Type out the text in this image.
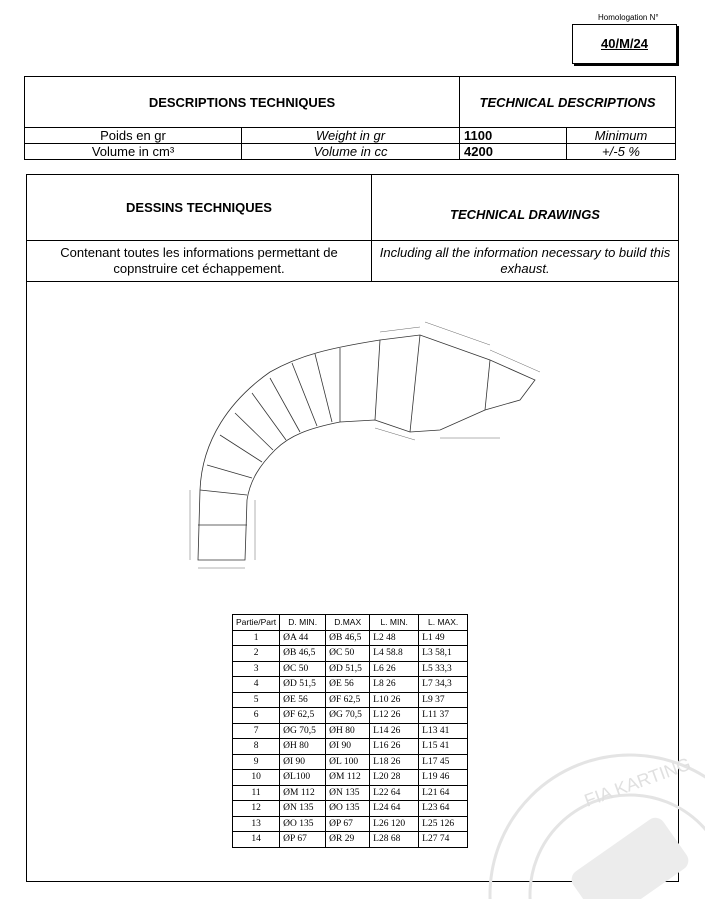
Homologation N°
40/M/24
DESCRIPTIONS TECHNIQUES		TECHNICAL DESCRIPTIONS	
Poids en gr	Weight in gr	1100	Minimum
Volume in cm³	Volume in cc	4200	+/-5 %
DESSINS TECHNIQUES	TECHNICAL DRAWINGS
Contenant toutes les informations permettant de copnstruire cet échappement.	Including all the information necessary to build this exhaust.
Partie/Part	D. MIN.	D.MAX	L. MIN.	L. MAX.
1	ØA 44	ØB 46,5	L2 48	L1 49
2	ØB 46,5	ØC 50	L4 58.8	L3 58,1
3	ØC 50	ØD 51,5	L6 26	L5 33,3
4	ØD 51,5	ØE 56	L8 26	L7 34,3
5	ØE 56	ØF 62,5	L10 26	L9 37
6	ØF 62,5	ØG 70,5	L12 26	L11 37
7	ØG 70,5	ØH 80	L14 26	L13 41
8	ØH 80	ØI 90	L16 26	L15 41
9	ØI 90	ØL 100	L18 26	L17 45
10	ØL100	ØM 112	L20 28	L19 46
11	ØM 112	ØN 135	L22 64	L21 64
12	ØN 135	ØO 135	L24 64	L23 64
13	ØO 135	ØP 67	L26 120	L25 126
14	ØP 67	ØR 29	L28 68	L27 74
FIA KARTING
